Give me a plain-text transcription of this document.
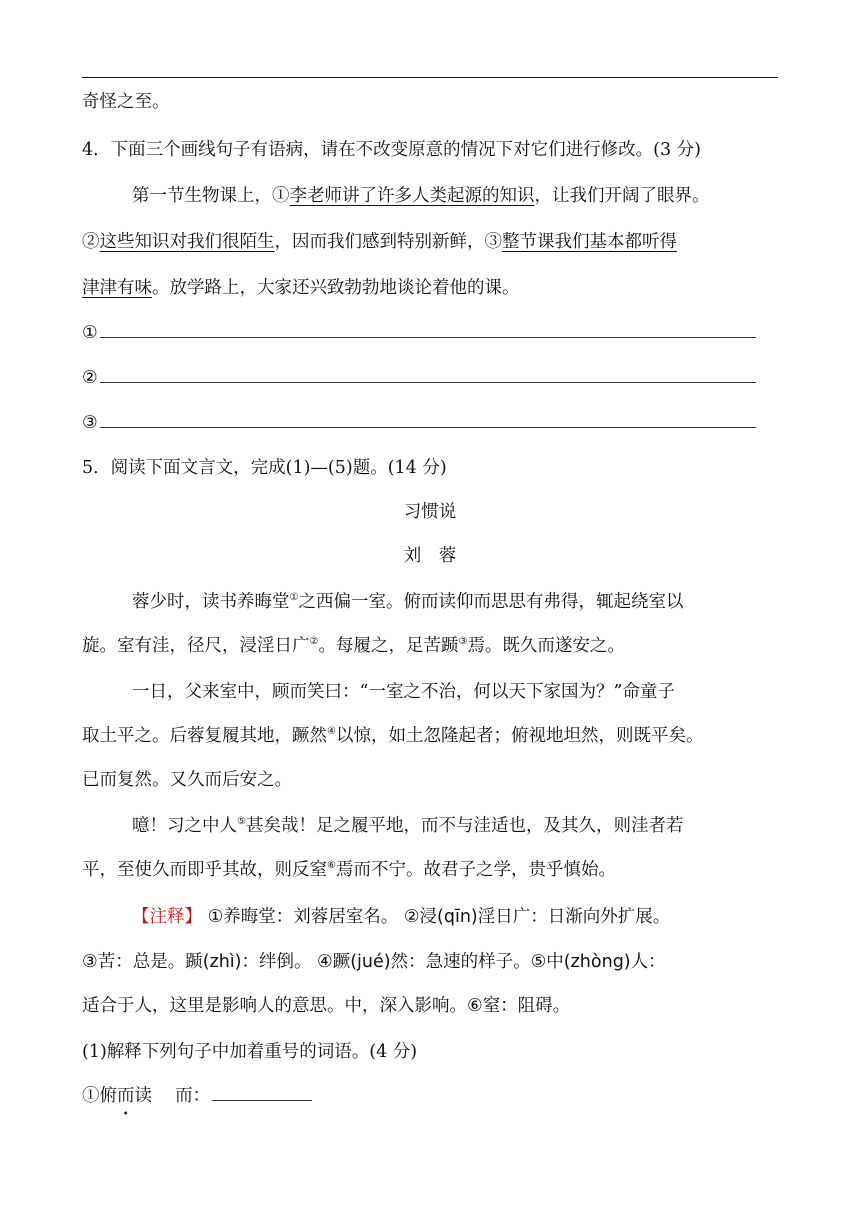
奇怪之至。
4．下面三个画线句子有语病，请在不改变原意的情况下对它们进行修改。(3 分)
第一节生物课上，①李老师讲了许多人类起源的知识，让我们开阔了眼界。
②这些知识对我们很陌生，因而我们感到特别新鲜，③整节课我们基本都听得
津津有味。放学路上，大家还兴致勃勃地谈论着他的课。
①
②
③
5．阅读下面文言文，完成(1)—(5)题。(14 分)
习惯说
刘　蓉
蓉少时，读书养晦堂①之西偏一室。俯而读仰而思思有弗得，辄起绕室以
旋。室有洼，径尺，浸淫日广②。每履之，足苦踬③焉。既久而遂安之。
一日，父来室中，顾而笑曰：“一室之不治，何以天下家国为？”命童子
取土平之。后蓉复履其地，蹶然④以惊，如土忽隆起者；俯视地坦然，则既平矣。
已而复然。又久而后安之。
噫！习之中人⑤甚矣哉！足之履平地，而不与洼适也，及其久，则洼者若
平，至使久而即乎其故，则反窒⑥焉而不宁。故君子之学，贵乎慎始。
【注释】 ①养晦堂：刘蓉居室名。 ②浸(qīn)淫日广：日渐向外扩展。
③苦：总是。踬(zhì)：绊倒。 ④蹶(jué)然：急速的样子。⑤中(zhòng)人：
适合于人，这里是影响人的意思。中，深入影响。⑥窒：阻碍。
(1)解释下列句子中加着重号的词语。(4 分)
①俯而读　 而：
